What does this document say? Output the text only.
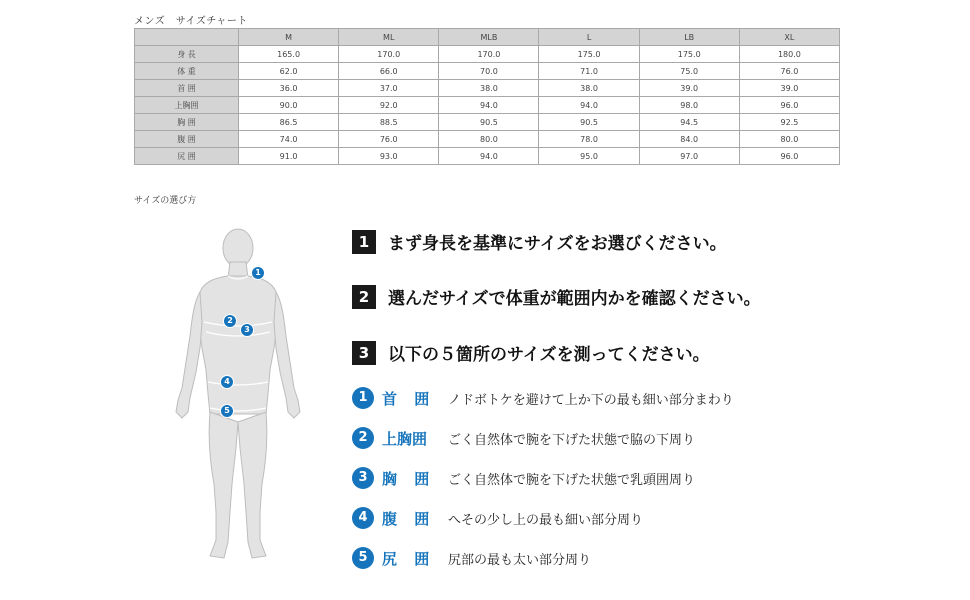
メンズ　サイズチャート
	M	ML	MLB	L	LB	XL
身 長	165.0	170.0	170.0	175.0	175.0	180.0
体 重	62.0	66.0	70.0	71.0	75.0	76.0
首 囲	36.0	37.0	38.0	38.0	39.0	39.0
上胸囲	90.0	92.0	94.0	94.0	98.0	96.0
胸 囲	86.5	88.5	90.5	90.5	94.5	92.5
腹 囲	74.0	76.0	80.0	78.0	84.0	80.0
尻 囲	91.0	93.0	94.0	95.0	97.0	96.0
サイズの選び方
1
2
3
4
5
1	まず身長を基準にサイズをお選びください。
2	選んだサイズで体重が範囲内かを確認ください。
3	以下の５箇所のサイズを測ってください。
1 首 囲 ノドボトケを避けて上か下の最も細い部分まわり
2 上胸囲	ごく自然体で腕を下げた状態で脇の下周り
3 胸 囲 ごく自然体で腕を下げた状態で乳頭囲周り
4 腹 囲 へその少し上の最も細い部分周り
5 尻 囲 尻部の最も太い部分周り
